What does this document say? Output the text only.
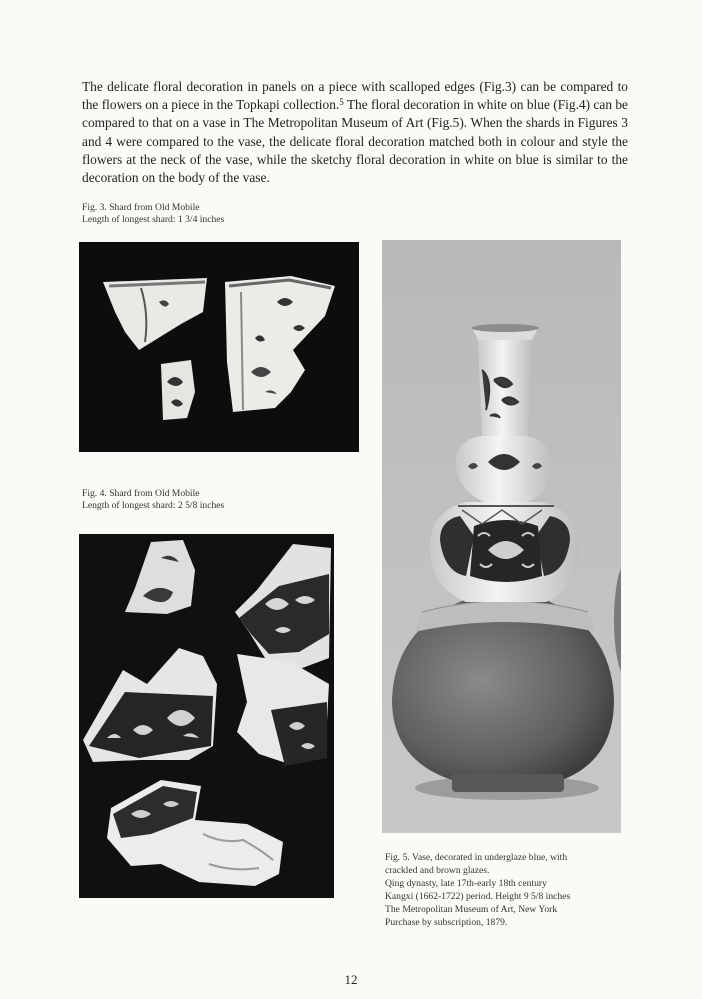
The delicate floral decoration in panels on a piece with scalloped edges (Fig.3) can be compared to the flowers on a piece in the Topkapi collection.$^5$ The floral decoration in white on blue (Fig.4) can be compared to that on a vase in The Metropolitan Museum of Art (Fig.5). When the shards in Figures 3 and 4 were compared to the vase, the delicate floral decoration matched both in colour and style the flowers at the neck of the vase, while the sketchy floral decoration in white on blue is similar to the decoration on the body of the vase.

Fig. 3. Shard from Old Mobile
Length of longest shard: 1 3/4 inches
Fig. 4. Shard from Old Mobile
Length of longest shard: 2 5/8 inches
Fig. 5. Vase, decorated in underglaze blue, with
crackled and brown glazes.
Qing dynasty, late 17th-early 18th century
Kangxi (1662-1722) period. Height 9 5/8 inches
The Metropolitan Museum of Art, New York
Purchase by subscription, 1879.
12
